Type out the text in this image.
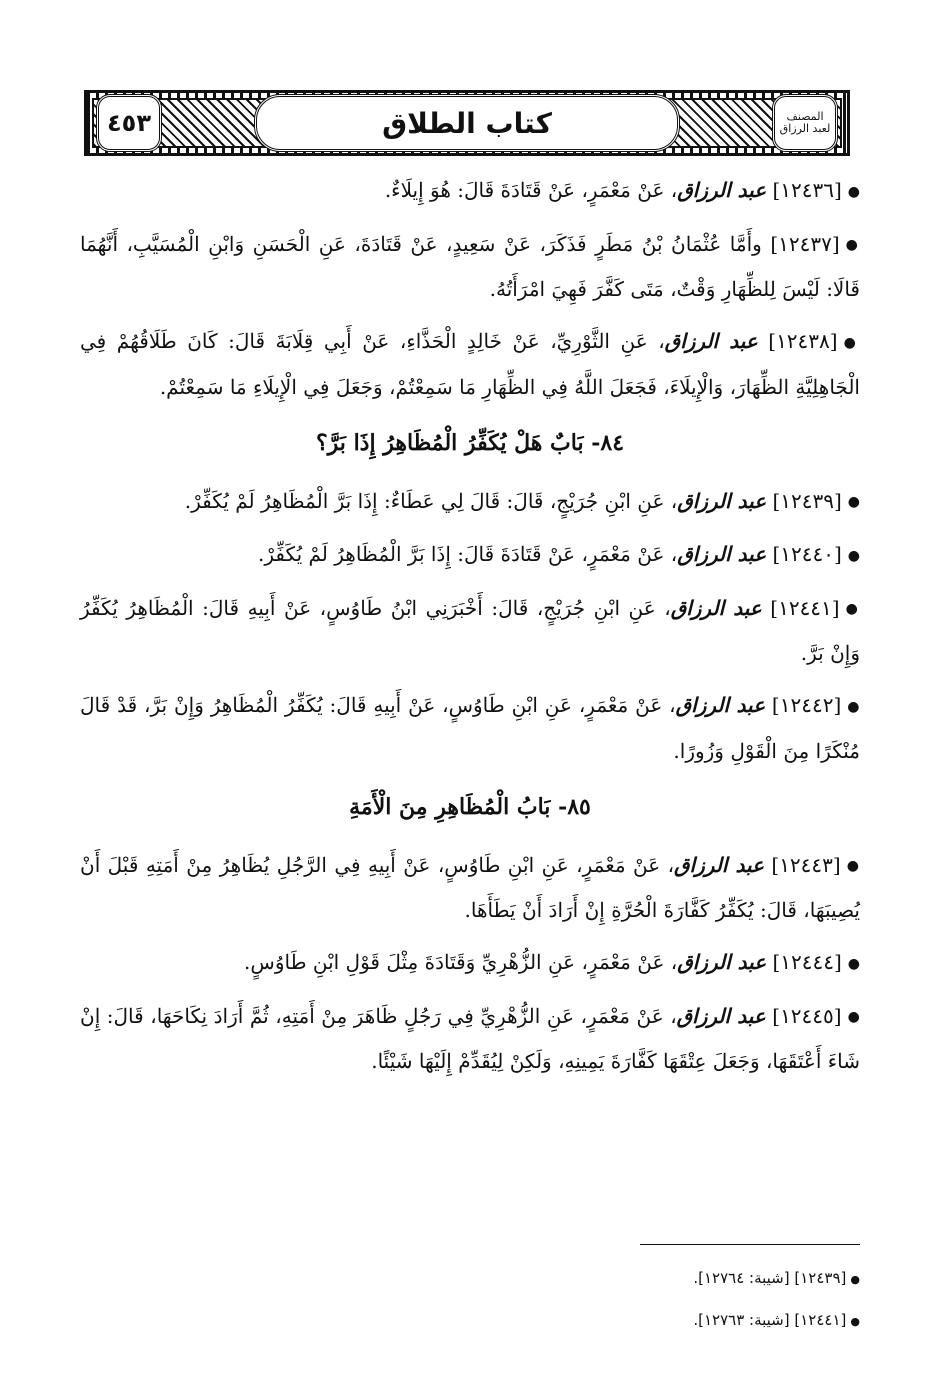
المصنف
لعبد الرزاق
كتاب الطلاق
٤٥٣

●[١٢٤٣٦] عبد الرزاق، عَنْ مَعْمَرٍ، عَنْ قَتَادَةَ قَالَ: هُوَ إِيلَاءٌ.

●[١٢٤٣٧] وأَمَّا عُثْمَانُ بْنُ مَطَرٍ فَذَكَرَ، عَنْ سَعِيدٍ، عَنْ قَتَادَةَ، عَنِ الْحَسَنِ وَابْنِ الْمُسَيَّبِ، أَنَّهُمَا قَالَا: لَيْسَ لِلظِّهَارِ وَقْتٌ، مَتَى كَفَّرَ فَهِيَ امْرَأَتُهُ.

●[١٢٤٣٨] عبد الرزاق، عَنِ الثَّوْرِيِّ، عَنْ خَالِدٍ الْحَذَّاءِ، عَنْ أَبِي قِلَابَةَ قَالَ: كَانَ طَلَاقُهُمْ فِي الْجَاهِلِيَّةِ الظِّهَارَ، وَالْإِيلَاءَ، فَجَعَلَ اللَّهُ فِي الظِّهَارِ مَا سَمِعْتُمْ، وَجَعَلَ فِي الْإِيلَاءِ مَا سَمِعْتُمْ.

٨٤- بَابٌ هَلْ يُكَفِّرُ الْمُظَاهِرُ إِذَا بَرَّ؟

●[١٢٤٣٩] عبد الرزاق، عَنِ ابْنِ جُرَيْجٍ، قَالَ: قَالَ لِي عَطَاءٌ: إِذَا بَرَّ الْمُظَاهِرُ لَمْ يُكَفِّرْ.

●[١٢٤٤٠] عبد الرزاق، عَنْ مَعْمَرٍ، عَنْ قَتَادَةَ قَالَ: إِذَا بَرَّ الْمُظَاهِرُ لَمْ يُكَفِّرْ.

●[١٢٤٤١] عبد الرزاق، عَنِ ابْنِ جُرَيْجٍ، قَالَ: أَخْبَرَنِي ابْنُ طَاوُسٍ، عَنْ أَبِيهِ قَالَ: الْمُظَاهِرُ يُكَفِّرُ وَإِنْ بَرَّ.

●[١٢٤٤٢] عبد الرزاق، عَنْ مَعْمَرٍ، عَنِ ابْنِ طَاوُسٍ، عَنْ أَبِيهِ قَالَ: يُكَفِّرُ الْمُظَاهِرُ وَإِنْ بَرَّ، قَدْ قَالَ مُنْكَرًا مِنَ الْقَوْلِ وَزُورًا.

٨٥- بَابُ الْمُظَاهِرِ مِنَ الْأَمَةِ

●[١٢٤٤٣] عبد الرزاق، عَنْ مَعْمَرٍ، عَنِ ابْنِ طَاوُسٍ، عَنْ أَبِيهِ فِي الرَّجُلِ يُظَاهِرُ مِنْ أَمَتِهِ قَبْلَ أَنْ يُصِيبَهَا، قَالَ: يُكَفِّرُ كَفَّارَةَ الْحُرَّةِ إِنْ أَرَادَ أَنْ يَطَأَهَا.

●[١٢٤٤٤] عبد الرزاق، عَنْ مَعْمَرٍ، عَنِ الزُّهْرِيِّ وَقَتَادَةَ مِثْلَ قَوْلِ ابْنِ طَاوُسٍ.

●[١٢٤٤٥] عبد الرزاق، عَنْ مَعْمَرٍ، عَنِ الزُّهْرِيِّ فِي رَجُلٍ ظَاهَرَ مِنْ أَمَتِهِ، ثُمَّ أَرَادَ نِكَاحَهَا، قَالَ: إِنْ شَاءَ أَعْتَقَهَا، وَجَعَلَ عِتْقَهَا كَفَّارَةَ يَمِينِهِ، وَلَكِنْ لِيُقَدِّمْ إِلَيْهَا شَيْئًا.

●[١٢٤٣٩] [شيبة: ١٢٧٦٤].
●[١٢٤٤١] [شيبة: ١٢٧٦٣].
